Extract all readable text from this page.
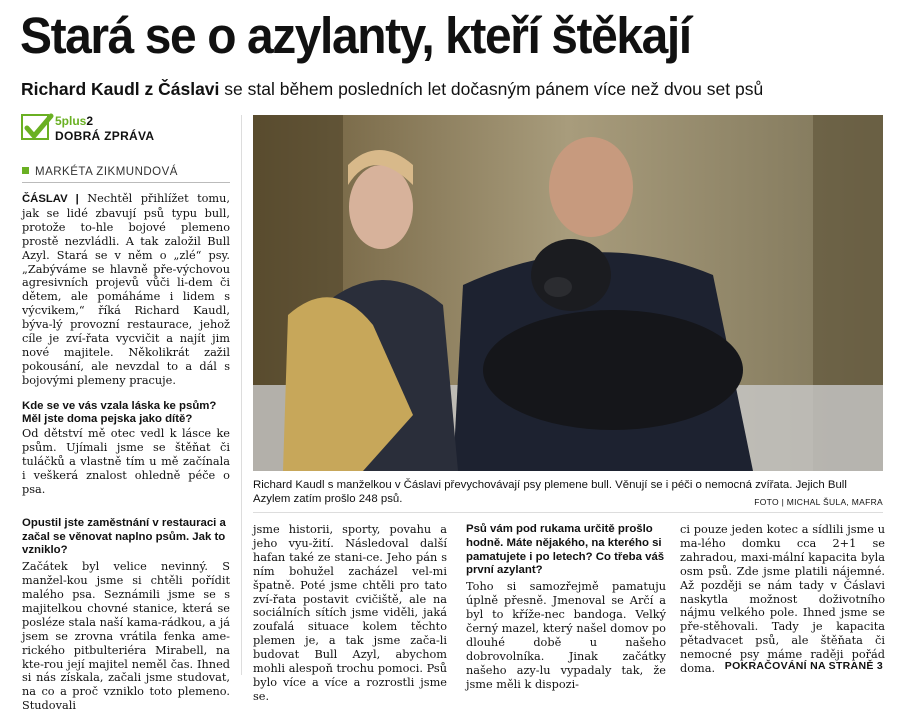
Stará se o azylanty, kteří štěkají
Richard Kaudl z Čáslavi se stal během posledních let dočasným pánem více než dvou set psů
5plus2
DOBRÁ ZPRÁVA
MARKÉTA ZIKMUNDOVÁ

ČÁSLAV | Nechtěl přihlížet tomu, jak se lidé zbavují psů typu bull, protože to-hle bojové plemeno prostě nezvládli. A tak založil Bull Azyl. Stará se v něm o „zlé“ psy. „Zabýváme se hlavně pře-výchovou agresivních projevů vůči li-dem či dětem, ale pomáháme i lidem s výcvikem,“ říká Richard Kaudl, býva-lý provozní restaurace, jehož cíle je zví-řata vycvičit a najít jim nové majitele. Několikrát zažil pokousání, ale nevzdal to a dál s bojovými plemeny pracuje.

Kde se ve vás vzala láska ke psům? Měl jste doma pejska jako dítě?

Od dětství mě otec vedl k lásce ke psům. Ujímali jsme se štěňat či tuláčků a vlastně tím u mě začínala i veškerá znalost ohledně péče o psa.

Opustil jste zaměstnání v restauraci a začal se věnovat naplno psům. Jak to vzniklo?

Začátek byl velice nevinný. S manžel-kou jsme si chtěli pořídit malého psa. Seznámili jsme se s majitelkou chovné stanice, která se posléze stala naší kama-rádkou, a já jsem se zrovna vrátila fenka ame-rického pitbulteriéra Mirabell, na kte-rou její majitel neměl čas. Ihned si nás získala, začali jsme studovat, na co a proč vzniklo toto plemeno. Studovali

Richard Kaudl s manželkou v Čáslavi převychovávají psy plemene bull. Věnují se i péči o nemocná zvířata. Jejich Bull Azylem zatím prošlo 248 psů.	FOTO | MICHAL ŠULA, MAFRA

jsme historii, sporty, povahu a jeho vyu-žití. Následoval další hafan také ze stani-ce. Jeho pán s ním bohužel zacházel vel-mi špatně. Poté jsme chtěli pro tato zví-řata postavit cvičiště, ale na sociálních sítích jsme viděli, jaká zoufalá situace kolem těchto plemen je, a tak jsme zača-li budovat Bull Azyl, abychom mohli alespoň trochu pomoci. Psů bylo více a více a rozrostli jsme se.

Psů vám pod rukama určitě prošlo hodně. Máte nějakého, na kterého si pamatujete i po letech? Co třeba váš první azylant?

Toho si samozřejmě pamatuju úplně přesně. Jmenoval se Arčí a byl to kříže-nec bandoga. Velký černý mazel, který našel domov po dlouhé době u našeho dobrovolníka. Jinak začátky našeho azy-lu vypadaly tak, že jsme měli k dispozi-

ci pouze jeden kotec a sídlili jsme u ma-lého domku cca 2+1 se zahradou, maxi-mální kapacita byla osm psů. Zde jsme platili nájemné. Až později se nám tady v Čáslavi naskytla možnost doživotního nájmu velkého pole. Ihned jsme se pře-stěhovali. Tady je kapacita pětadvacet psů, ale štěňata či nemocné psy máme raději pořád doma. POKRAČOVÁNÍ NA STRANĚ 3
